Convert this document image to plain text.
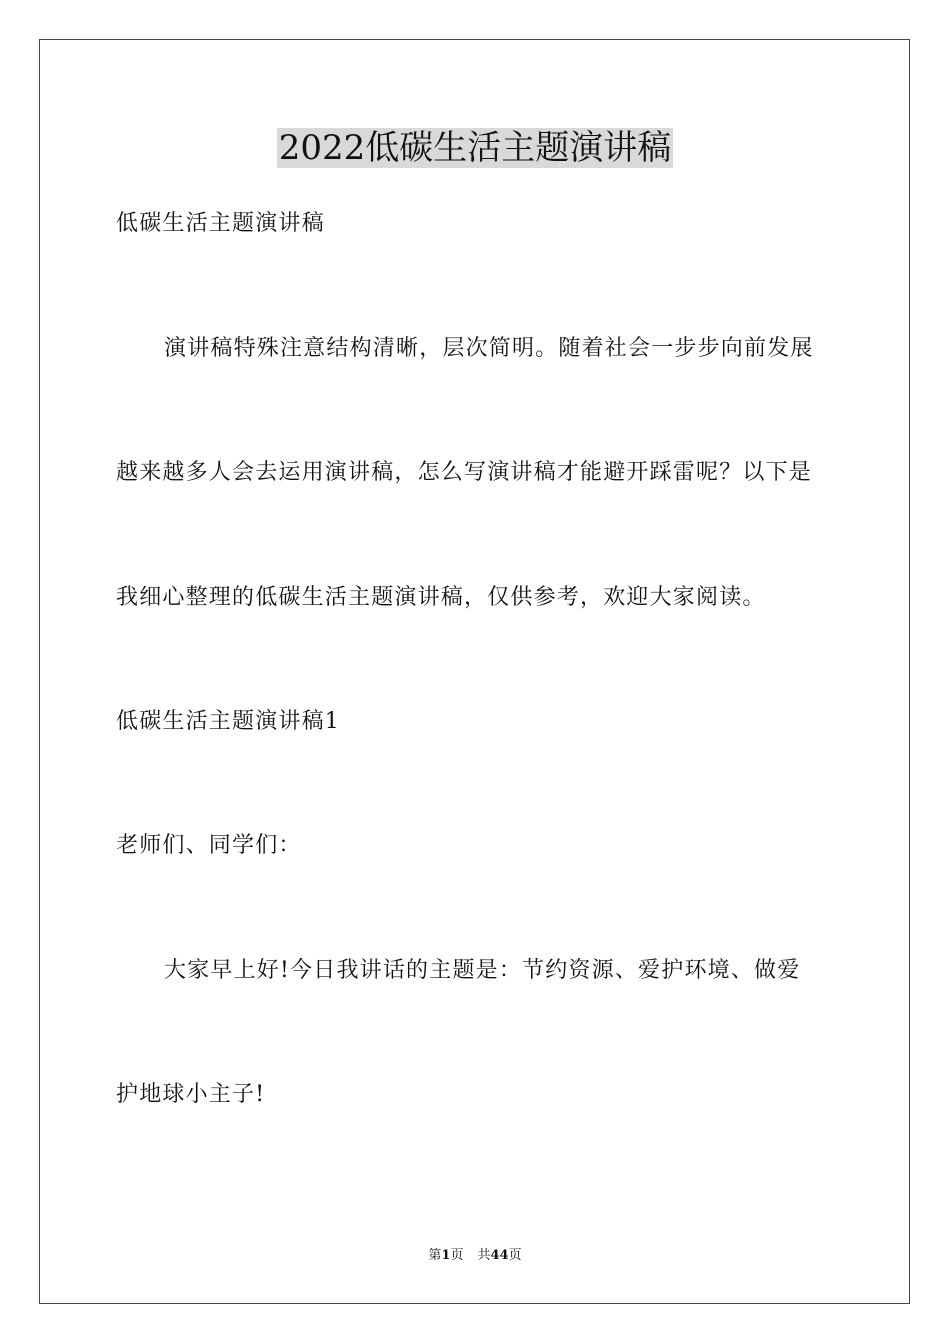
2022低碳生活主题演讲稿
低碳生活主题演讲稿
演讲稿特殊注意结构清晰，层次简明。随着社会一步步向前发展
越来越多人会去运用演讲稿，怎么写演讲稿才能避开踩雷呢？以下是
我细心整理的低碳生活主题演讲稿，仅供参考，欢迎大家阅读。
低碳生活主题演讲稿1
老师们、同学们：
大家早上好!今日我讲话的主题是：节约资源、爱护环境、做爱
护地球小主子!
第1页 共44页
